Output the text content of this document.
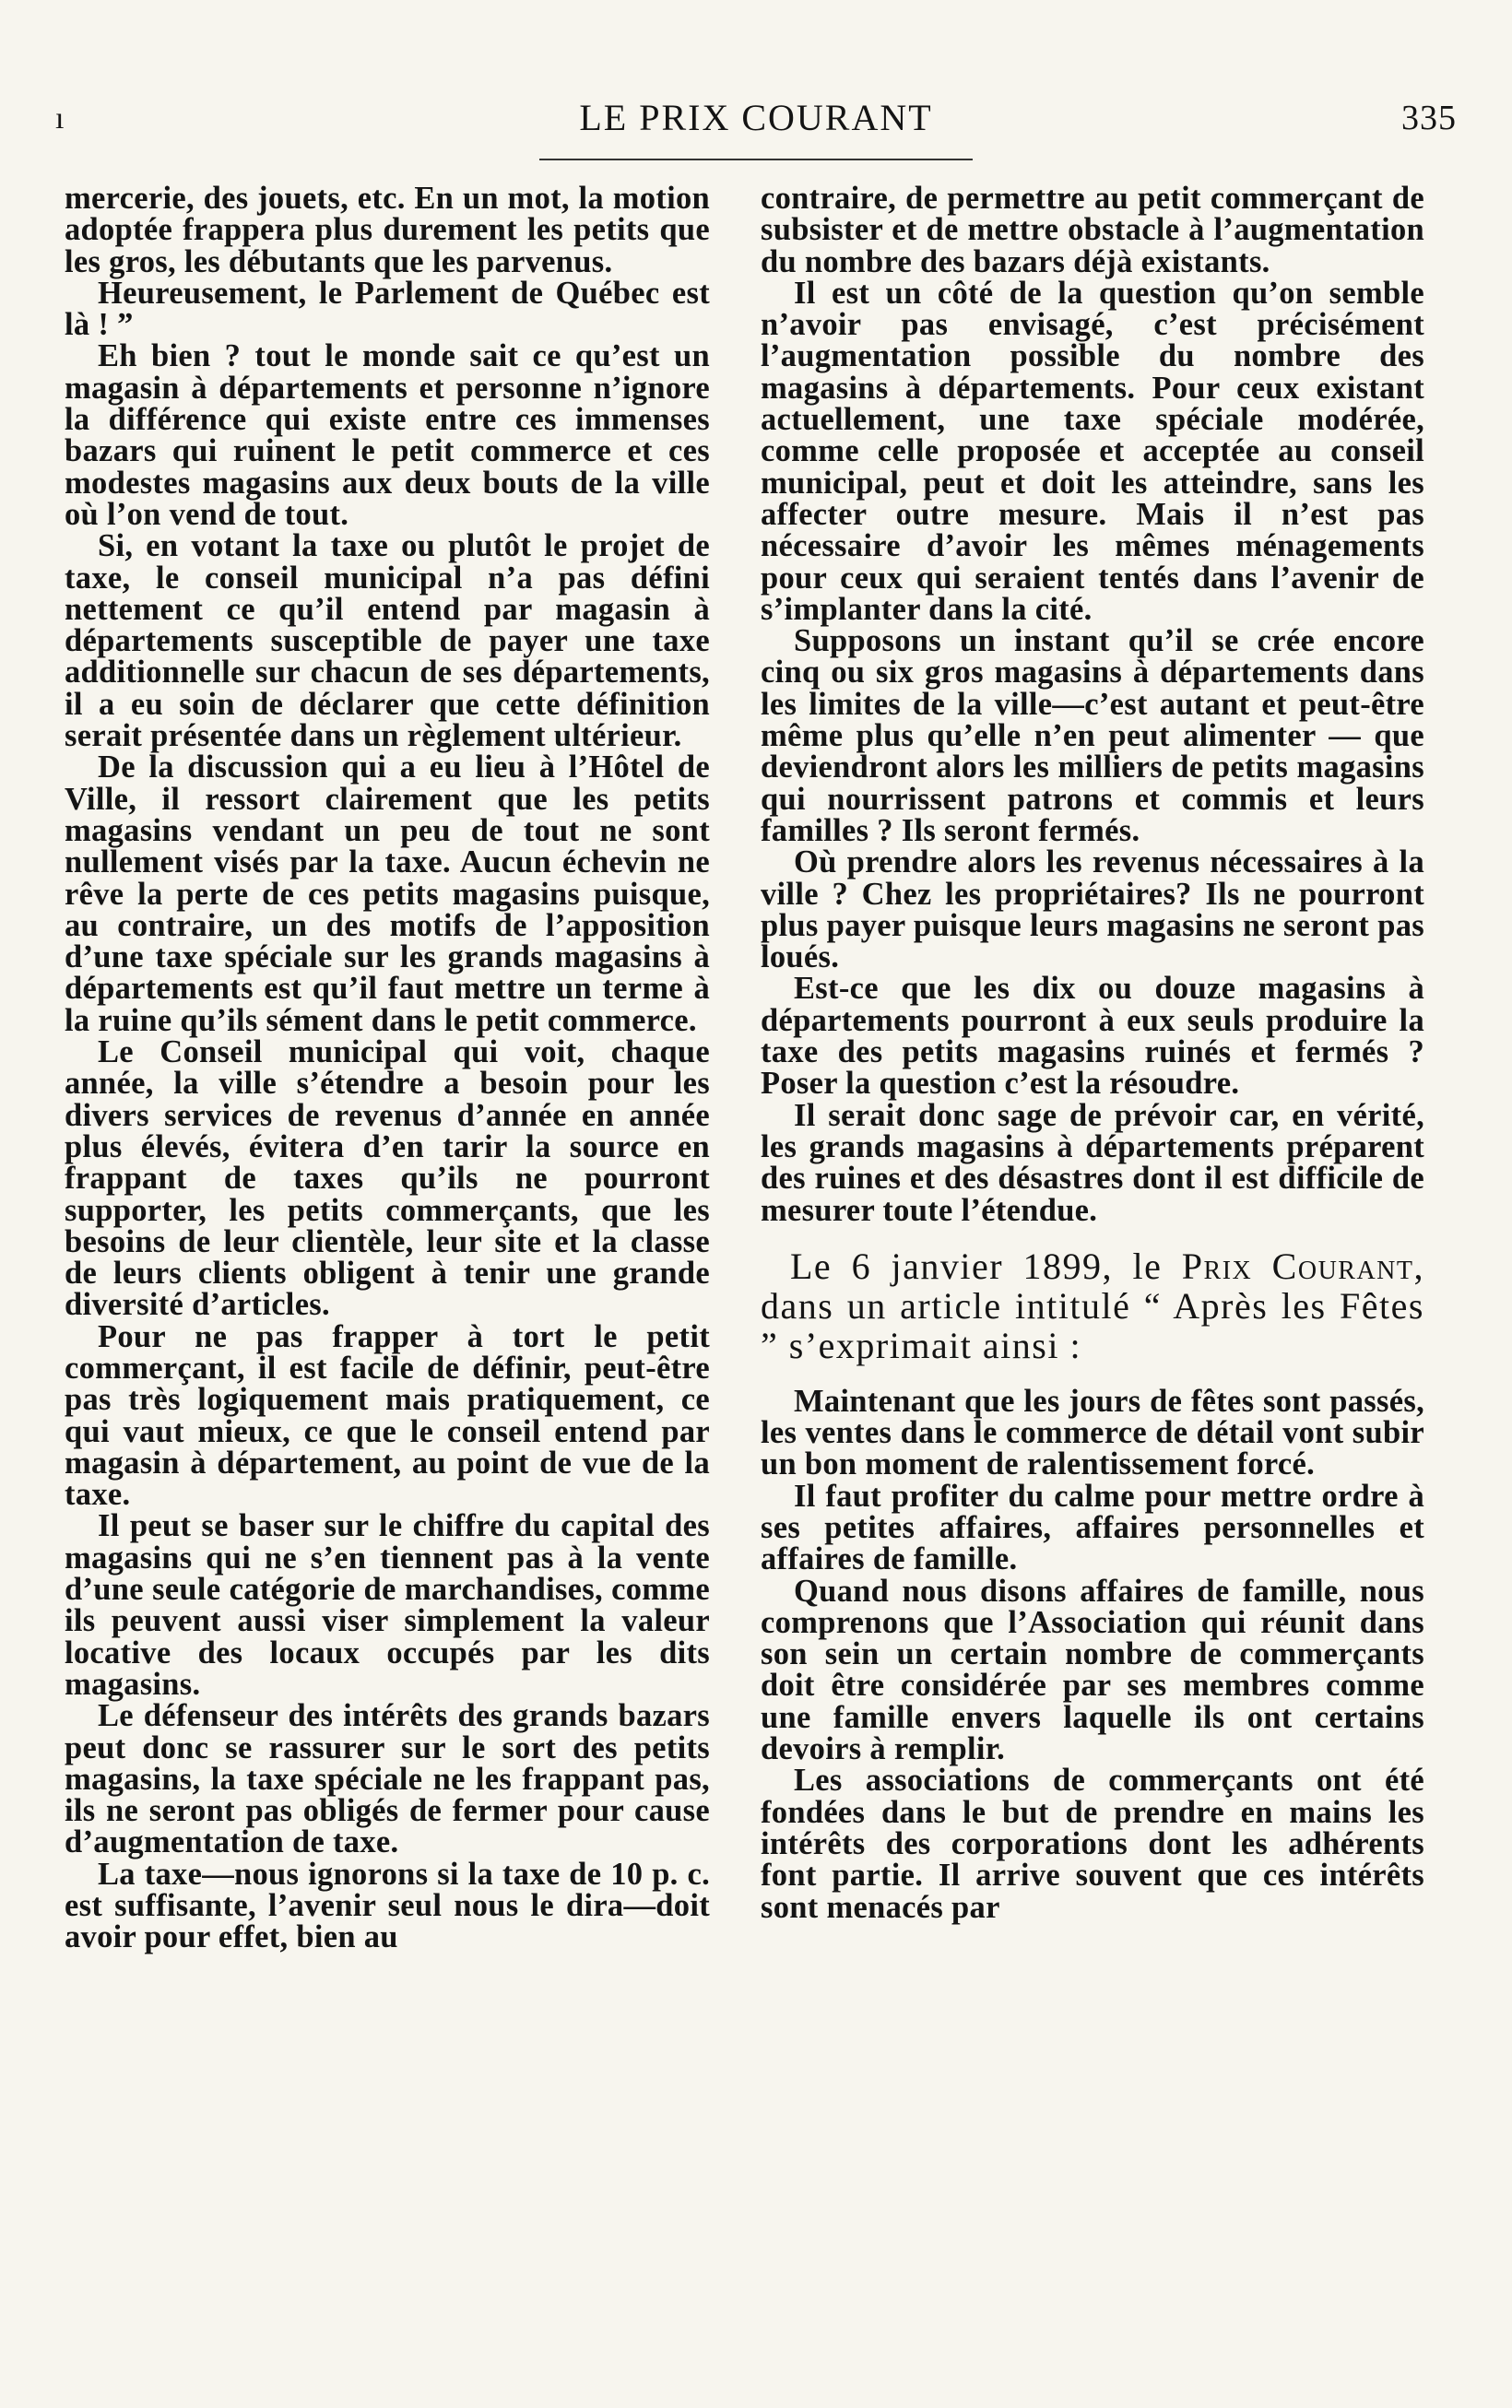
ı	LE PRIX COURANT	335

mercerie, des jouets, etc. En un mot, la motion adoptée frappera plus durement les petits que les gros, les débutants que les parvenus.

Heureusement, le Parlement de Québec est là ! ”

Eh bien ? tout le monde sait ce qu’est un magasin à départements et personne n’ignore la différence qui existe entre ces immenses bazars qui ruinent le petit commerce et ces modestes magasins aux deux bouts de la ville où l’on vend de tout.

Si, en votant la taxe ou plutôt le projet de taxe, le conseil municipal n’a pas défini nettement ce qu’il entend par magasin à départements susceptible de payer une taxe additionnelle sur chacun de ses départements, il a eu soin de déclarer que cette définition serait présentée dans un règlement ultérieur.

De la discussion qui a eu lieu à l’Hôtel de Ville, il ressort clairement que les petits magasins vendant un peu de tout ne sont nullement visés par la taxe. Aucun échevin ne rêve la perte de ces petits magasins puisque, au contraire, un des motifs de l’apposition d’une taxe spéciale sur les grands magasins à départements est qu’il faut mettre un terme à la ruine qu’ils sément dans le petit commerce.

Le Conseil municipal qui voit, chaque année, la ville s’étendre a besoin pour les divers services de revenus d’année en année plus élevés, évitera d’en tarir la source en frappant de taxes qu’ils ne pourront supporter, les petits commerçants, que les besoins de leur clientèle, leur site et la classe de leurs clients obligent à tenir une grande diversité d’articles.

Pour ne pas frapper à tort le petit commerçant, il est facile de définir, peut-être pas très logiquement mais pratiquement, ce qui vaut mieux, ce que le conseil entend par magasin à département, au point de vue de la taxe.

Il peut se baser sur le chiffre du capital des magasins qui ne s’en tiennent pas à la vente d’une seule catégorie de marchandises, comme ils peuvent aussi viser simplement la valeur locative des locaux occupés par les dits magasins.

Le défenseur des intérêts des grands bazars peut donc se rassurer sur le sort des petits magasins, la taxe spéciale ne les frappant pas, ils ne seront pas obligés de fermer pour cause d’augmentation de taxe.

La taxe—nous ignorons si la taxe de 10 p. c. est suffisante, l’avenir seul nous le dira—doit avoir pour effet, bien au

contraire, de permettre au petit commerçant de subsister et de mettre obstacle à l’augmentation du nombre des bazars déjà existants.

Il est un côté de la question qu’on semble n’avoir pas envisagé, c’est précisément l’augmentation possible du nombre des magasins à départements. Pour ceux existant actuellement, une taxe spéciale modérée, comme celle proposée et acceptée au conseil municipal, peut et doit les atteindre, sans les affecter outre mesure. Mais il n’est pas nécessaire d’avoir les mêmes ménagements pour ceux qui seraient tentés dans l’avenir de s’implanter dans la cité.

Supposons un instant qu’il se crée encore cinq ou six gros magasins à départements dans les limites de la ville—c’est autant et peut-être même plus qu’elle n’en peut alimenter — que deviendront alors les milliers de petits magasins qui nourrissent patrons et commis et leurs familles ? Ils seront fermés.

Où prendre alors les revenus nécessaires à la ville ? Chez les propriétaires? Ils ne pourront plus payer puisque leurs magasins ne seront pas loués.

Est-ce que les dix ou douze magasins à départements pourront à eux seuls produire la taxe des petits magasins ruinés et fermés ? Poser la question c’est la résoudre.

Il serait donc sage de prévoir car, en vérité, les grands magasins à départements préparent des ruines et des désastres dont il est difficile de mesurer toute l’étendue.

Le 6 janvier 1899, le Prix Courant, dans un article intitulé “ Après les Fêtes ” s’exprimait ainsi :

Maintenant que les jours de fêtes sont passés, les ventes dans le commerce de détail vont subir un bon moment de ralentissement forcé.

Il faut profiter du calme pour mettre ordre à ses petites affaires, affaires personnelles et affaires de famille.

Quand nous disons affaires de famille, nous comprenons que l’Association qui réunit dans son sein un certain nombre de commerçants doit être considérée par ses membres comme une famille envers laquelle ils ont certains devoirs à remplir.

Les associations de commerçants ont été fondées dans le but de prendre en mains les intérêts des corporations dont les adhérents font partie. Il arrive souvent que ces intérêts sont menacés par
